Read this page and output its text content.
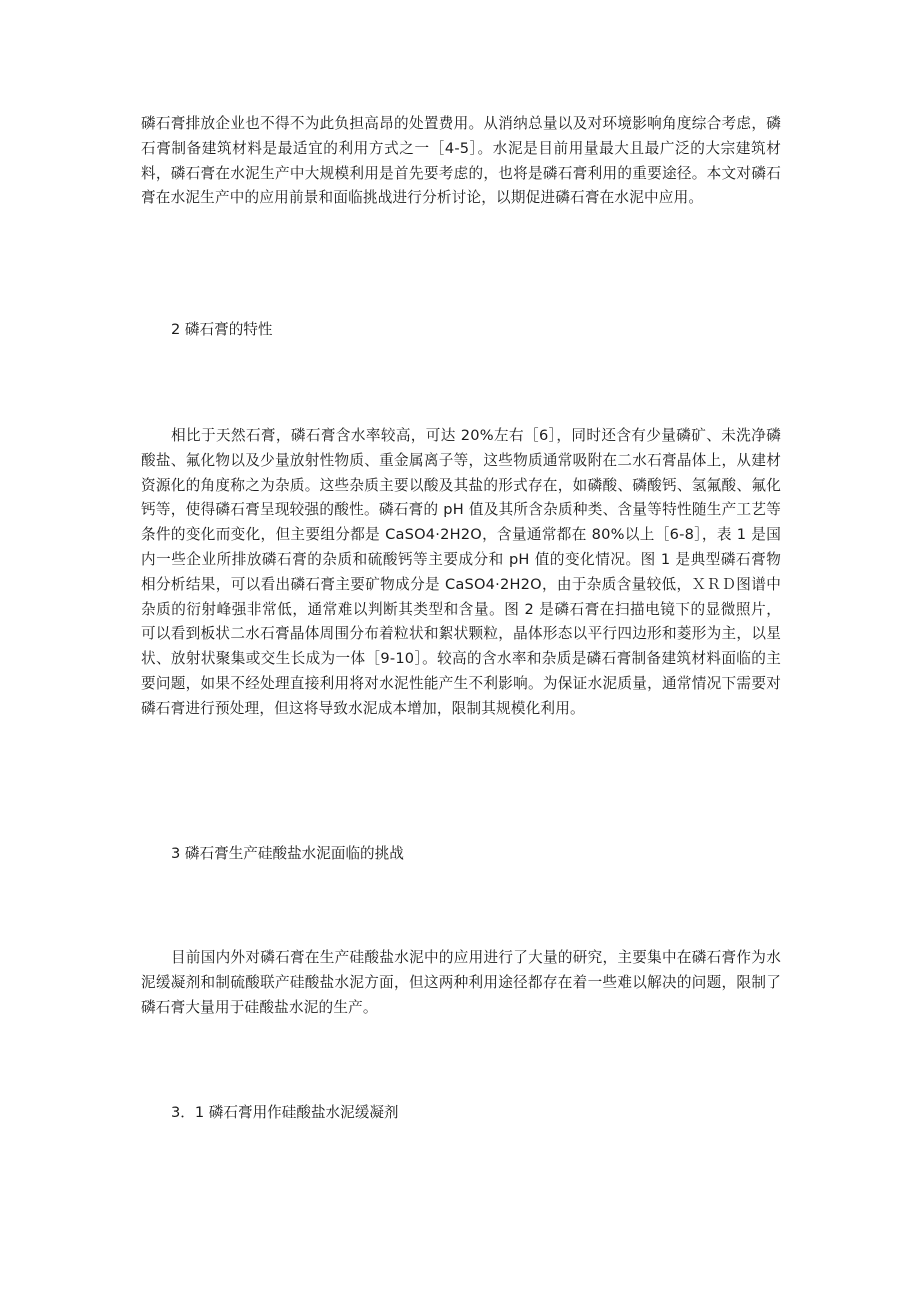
磷石膏排放企业也不得不为此负担高昂的处置费用。从消纳总量以及对环境影响角度综合考虑，磷石膏制备建筑材料是最适宜的利用方式之一［4-5］。水泥是目前用量最大且最广泛的大宗建筑材料，磷石膏在水泥生产中大规模利用是首先要考虑的，也将是磷石膏利用的重要途径。本文对磷石膏在水泥生产中的应用前景和面临挑战进行分析讨论，以期促进磷石膏在水泥中应用。

2 磷石膏的特性

相比于天然石膏，磷石膏含水率较高，可达 20%左右［6］，同时还含有少量磷矿、未洗净磷酸盐、氟化物以及少量放射性物质、重金属离子等，这些物质通常吸附在二水石膏晶体上，从建材资源化的角度称之为杂质。这些杂质主要以酸及其盐的形式存在，如磷酸、磷酸钙、氢氟酸、氟化钙等，使得磷石膏呈现较强的酸性。磷石膏的 pH 值及其所含杂质种类、含量等特性随生产工艺等条件的变化而变化，但主要组分都是 CaSO4·2H2O，含量通常都在 80%以上［6-8］，表 1 是国内一些企业所排放磷石膏的杂质和硫酸钙等主要成分和 pH 值的变化情况。图 1 是典型磷石膏物相分析结果，可以看出磷石膏主要矿物成分是 CaSO4·2H2O，由于杂质含量较低，ＸＲＤ图谱中杂质的衍射峰强非常低，通常难以判断其类型和含量。图 2 是磷石膏在扫描电镜下的显微照片，可以看到板状二水石膏晶体周围分布着粒状和絮状颗粒，晶体形态以平行四边形和菱形为主，以星状、放射状聚集或交生长成为一体［9-10］。较高的含水率和杂质是磷石膏制备建筑材料面临的主要问题，如果不经处理直接利用将对水泥性能产生不利影响。为保证水泥质量，通常情况下需要对磷石膏进行预处理，但这将导致水泥成本增加，限制其规模化利用。

3 磷石膏生产硅酸盐水泥面临的挑战

目前国内外对磷石膏在生产硅酸盐水泥中的应用进行了大量的研究，主要集中在磷石膏作为水泥缓凝剂和制硫酸联产硅酸盐水泥方面，但这两种利用途径都存在着一些难以解决的问题，限制了磷石膏大量用于硅酸盐水泥的生产。

3．1 磷石膏用作硅酸盐水泥缓凝剂
